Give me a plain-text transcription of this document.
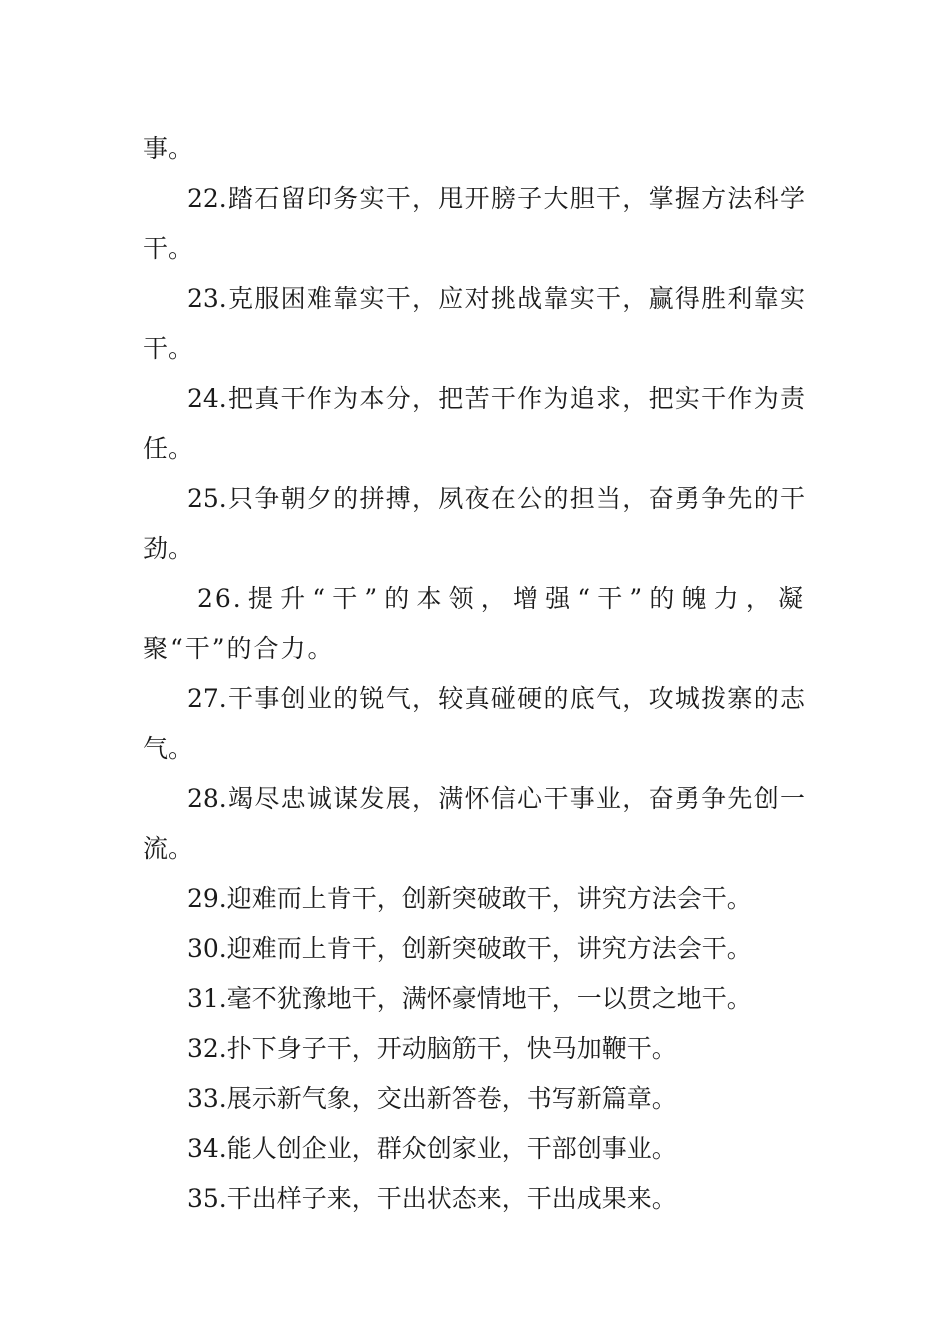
事。

22.踏石留印务实干，甩开膀子大胆干，掌握方法科学干。

23.克服困难靠实干，应对挑战靠实干，赢得胜利靠实干。

24.把真干作为本分，把苦干作为追求，把实干作为责任。

25.只争朝夕的拼搏，夙夜在公的担当，奋勇争先的干劲。

26.提升“干”的本领，增强“干”的魄力，凝聚“干”的合力。

27.干事创业的锐气，较真碰硬的底气，攻城拨寨的志气。

28.竭尽忠诚谋发展，满怀信心干事业，奋勇争先创一流。

29.迎难而上肯干，创新突破敢干，讲究方法会干。

30.迎难而上肯干，创新突破敢干，讲究方法会干。

31.毫不犹豫地干，满怀豪情地干，一以贯之地干。

32.扑下身子干，开动脑筋干，快马加鞭干。

33.展示新气象，交出新答卷，书写新篇章。

34.能人创企业，群众创家业，干部创事业。

35.干出样子来，干出状态来，干出成果来。
